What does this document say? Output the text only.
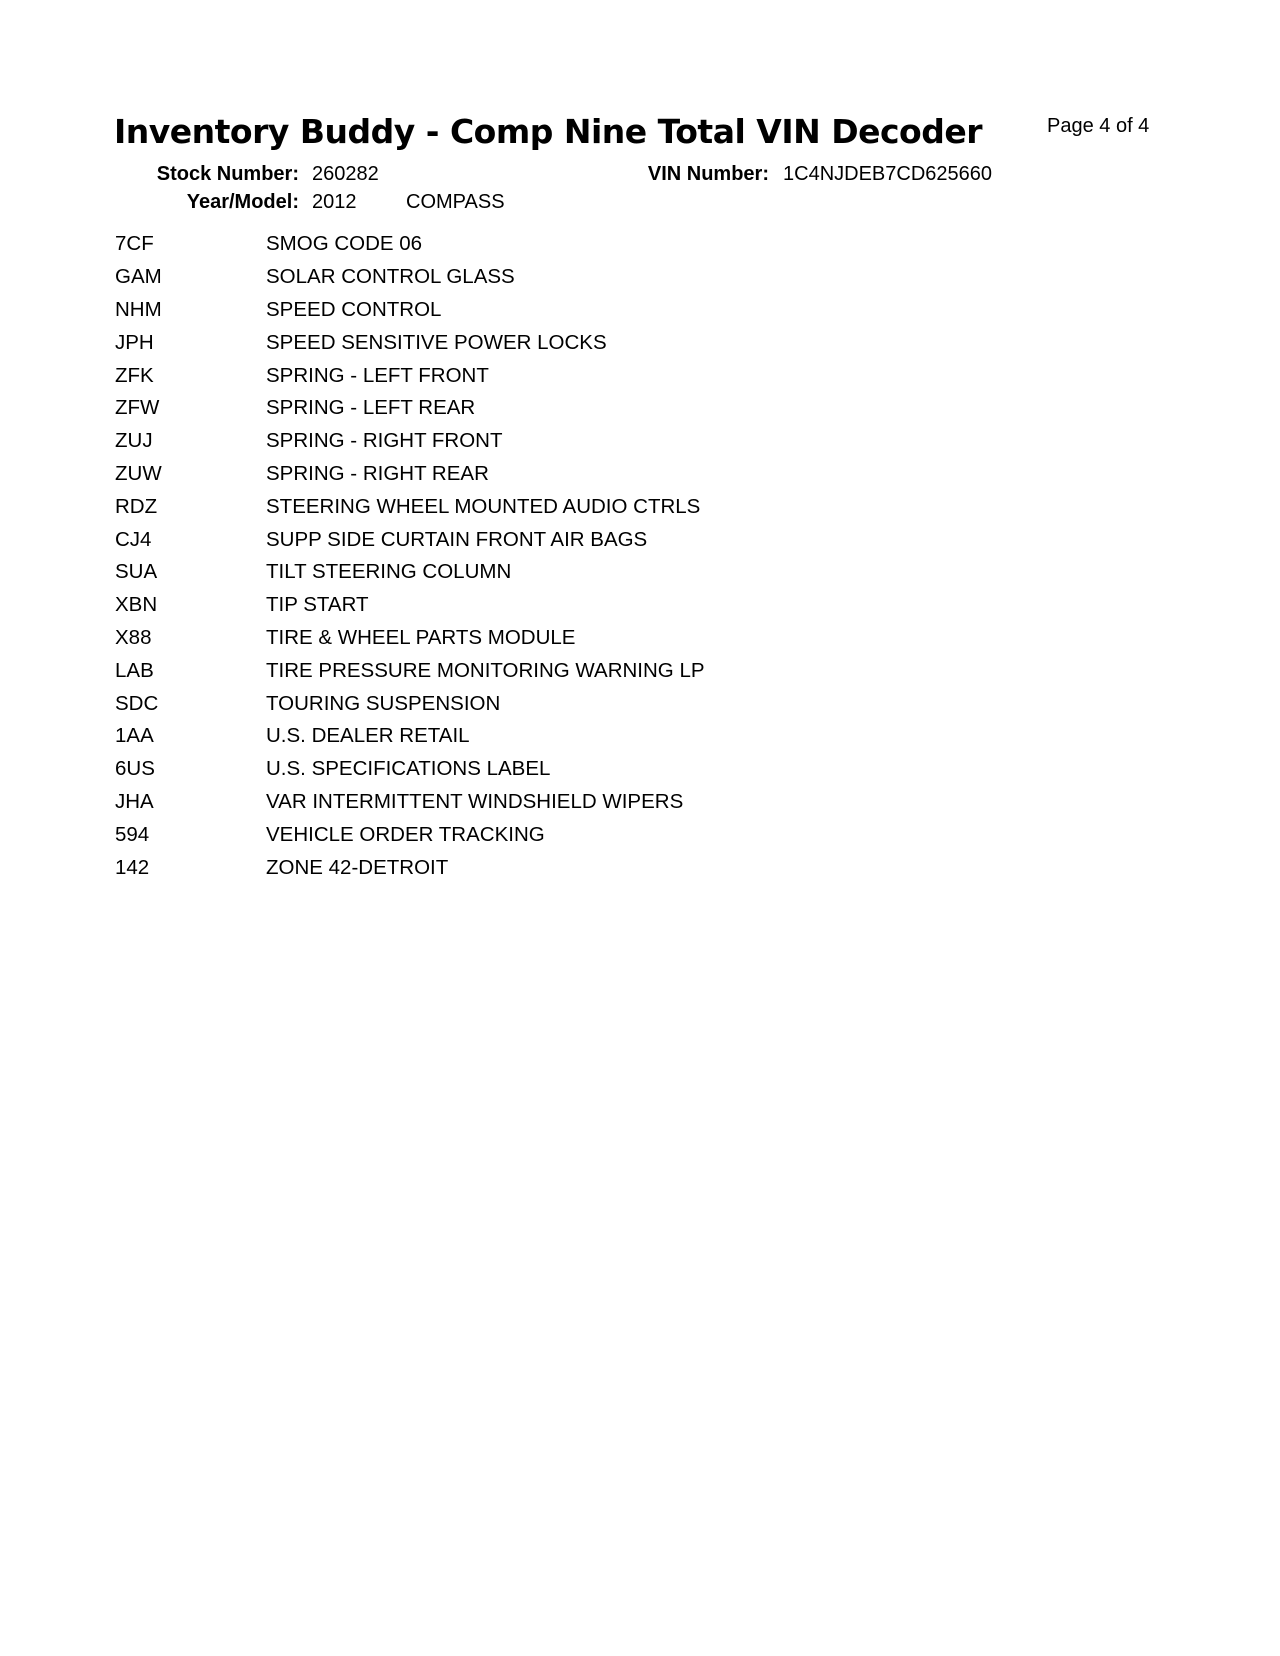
Inventory Buddy - Comp Nine Total VIN Decoder	Page 4 of 4
Stock Number: 260282
Year/Model: 2012 COMPASS
VIN Number: 1C4NJDEB7CD625660
7CF	SMOG CODE 06
GAM	SOLAR CONTROL GLASS
NHM	SPEED CONTROL
JPH	SPEED SENSITIVE POWER LOCKS
ZFK	SPRING - LEFT FRONT
ZFW	SPRING - LEFT REAR
ZUJ	SPRING - RIGHT FRONT
ZUW	SPRING - RIGHT REAR
RDZ	STEERING WHEEL MOUNTED AUDIO CTRLS
CJ4	SUPP SIDE CURTAIN FRONT AIR BAGS
SUA	TILT STEERING COLUMN
XBN	TIP START
X88	TIRE & WHEEL PARTS MODULE
LAB	TIRE PRESSURE MONITORING WARNING LP
SDC	TOURING SUSPENSION
1AA	U.S. DEALER RETAIL
6US	U.S. SPECIFICATIONS LABEL
JHA	VAR INTERMITTENT WINDSHIELD WIPERS
594	VEHICLE ORDER TRACKING
142	ZONE 42-DETROIT
